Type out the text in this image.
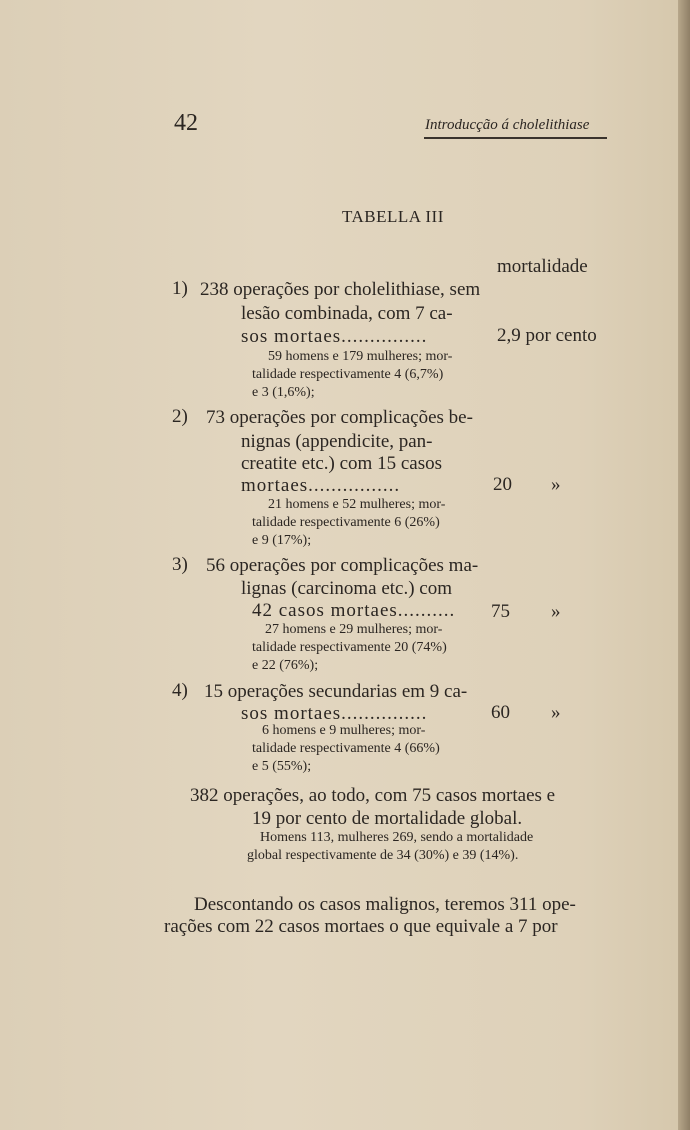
42	Introducção á cholelithiase
TABELLA III
mortalidade
1) 238 operações por cholelithiase, sem
lesão combinada, com 7 ca-
sos mortaes...............	2,9 por cento
59 homens e 179 mulheres; mor-
talidade respectivamente 4 (6,7%)
e 3 (1,6%);
2) 73 operações por complicações be-
nignas (appendicite, pan-
creatite etc.) com 15 casos
mortaes................	20 »
21 homens e 52 mulheres; mor-
talidade respectivamente 6 (26%)
e 9 (17%);
3) 56 operações por complicações ma-
lignas (carcinoma etc.) com
42 casos mortaes.......... 75 »
27 homens e 29 mulheres; mor-
talidade respectivamente 20 (74%)
e 22 (76%);
4) 15 operações secundarias em 9 ca-
sos mortaes...............	60 »
6 homens e 9 mulheres; mor-
talidade respectivamente 4 (66%)
e 5 (55%);
382 operações, ao todo, com 75 casos mortaes e
19 por cento de mortalidade global.
Homens 113, mulheres 269, sendo a mortalidade
global respectivamente de 34 (30%) e 39 (14%).
Descontando os casos malignos, teremos 311 ope-
rações com 22 casos mortaes o que equivale a 7 por
